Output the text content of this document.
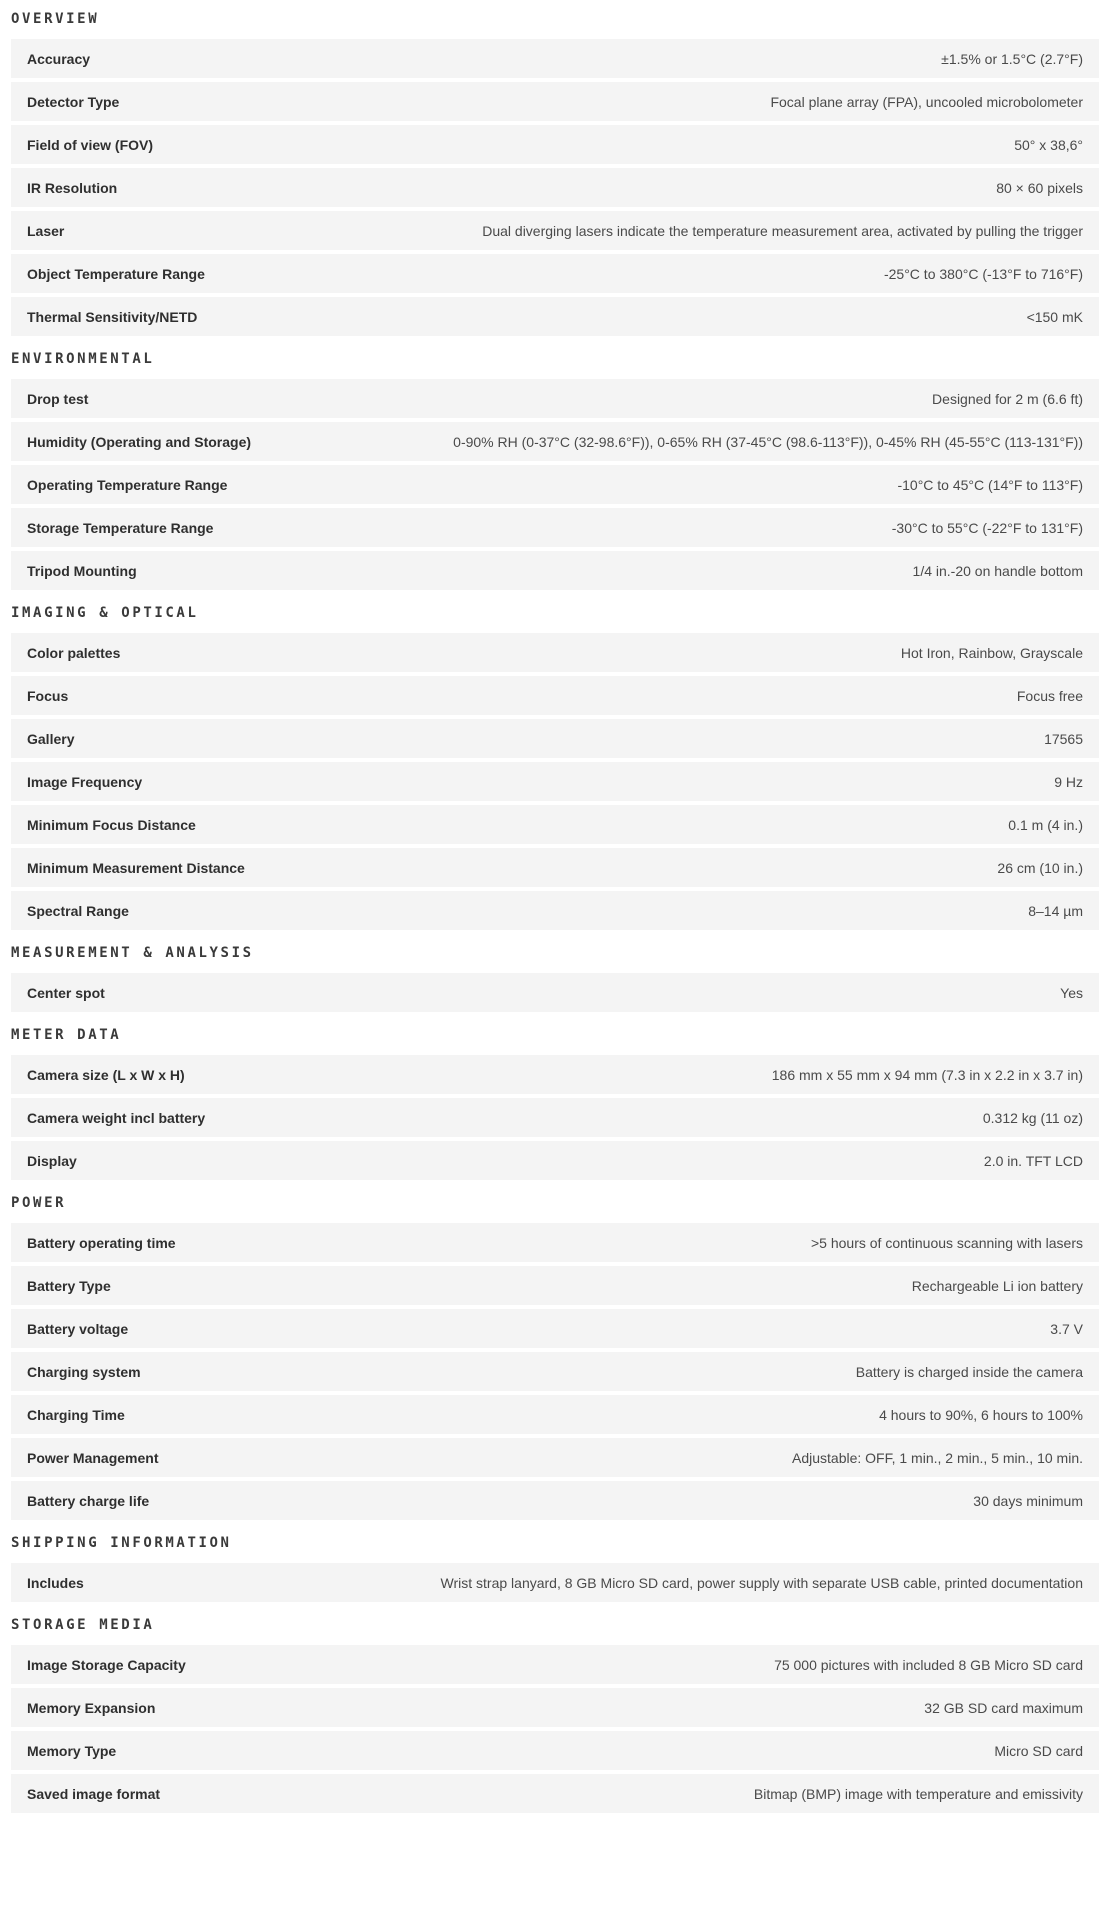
OVERVIEW
Accuracy	±1.5% or 1.5°C (2.7°F)
Detector Type	Focal plane array (FPA), uncooled microbolometer
Field of view (FOV)	50° x 38,6°
IR Resolution	80 × 60 pixels
Laser	Dual diverging lasers indicate the temperature measurement area, activated by pulling the trigger
Object Temperature Range	-25°C to 380°C (-13°F to 716°F)
Thermal Sensitivity/NETD	<150 mK
ENVIRONMENTAL
Drop test	Designed for 2 m (6.6 ft)
Humidity (Operating and Storage)	0-90% RH (0-37°C (32-98.6°F)), 0-65% RH (37-45°C (98.6-113°F)), 0-45% RH (45-55°C (113-131°F))
Operating Temperature Range	-10°C to 45°C (14°F to 113°F)
Storage Temperature Range	-30°C to 55°C (-22°F to 131°F)
Tripod Mounting	1/4 in.-20 on handle bottom
IMAGING & OPTICAL
Color palettes	Hot Iron, Rainbow, Grayscale
Focus	Focus free
Gallery	17565
Image Frequency	9 Hz
Minimum Focus Distance	0.1 m (4 in.)
Minimum Measurement Distance	26 cm (10 in.)
Spectral Range	8–14 µm
MEASUREMENT & ANALYSIS
Center spot	Yes
METER DATA
Camera size (L x W x H)	186 mm x 55 mm x 94 mm (7.3 in x 2.2 in x 3.7 in)
Camera weight incl battery	0.312 kg (11 oz)
Display	2.0 in. TFT LCD
POWER
Battery operating time	>5 hours of continuous scanning with lasers
Battery Type	Rechargeable Li ion battery
Battery voltage	3.7 V
Charging system	Battery is charged inside the camera
Charging Time	4 hours to 90%, 6 hours to 100%
Power Management	Adjustable: OFF, 1 min., 2 min., 5 min., 10 min.
Battery charge life	30 days minimum
SHIPPING INFORMATION
Includes	Wrist strap lanyard, 8 GB Micro SD card, power supply with separate USB cable, printed documentation
STORAGE MEDIA
Image Storage Capacity	75 000 pictures with included 8 GB Micro SD card
Memory Expansion	32 GB SD card maximum
Memory Type	Micro SD card
Saved image format	Bitmap (BMP) image with temperature and emissivity
